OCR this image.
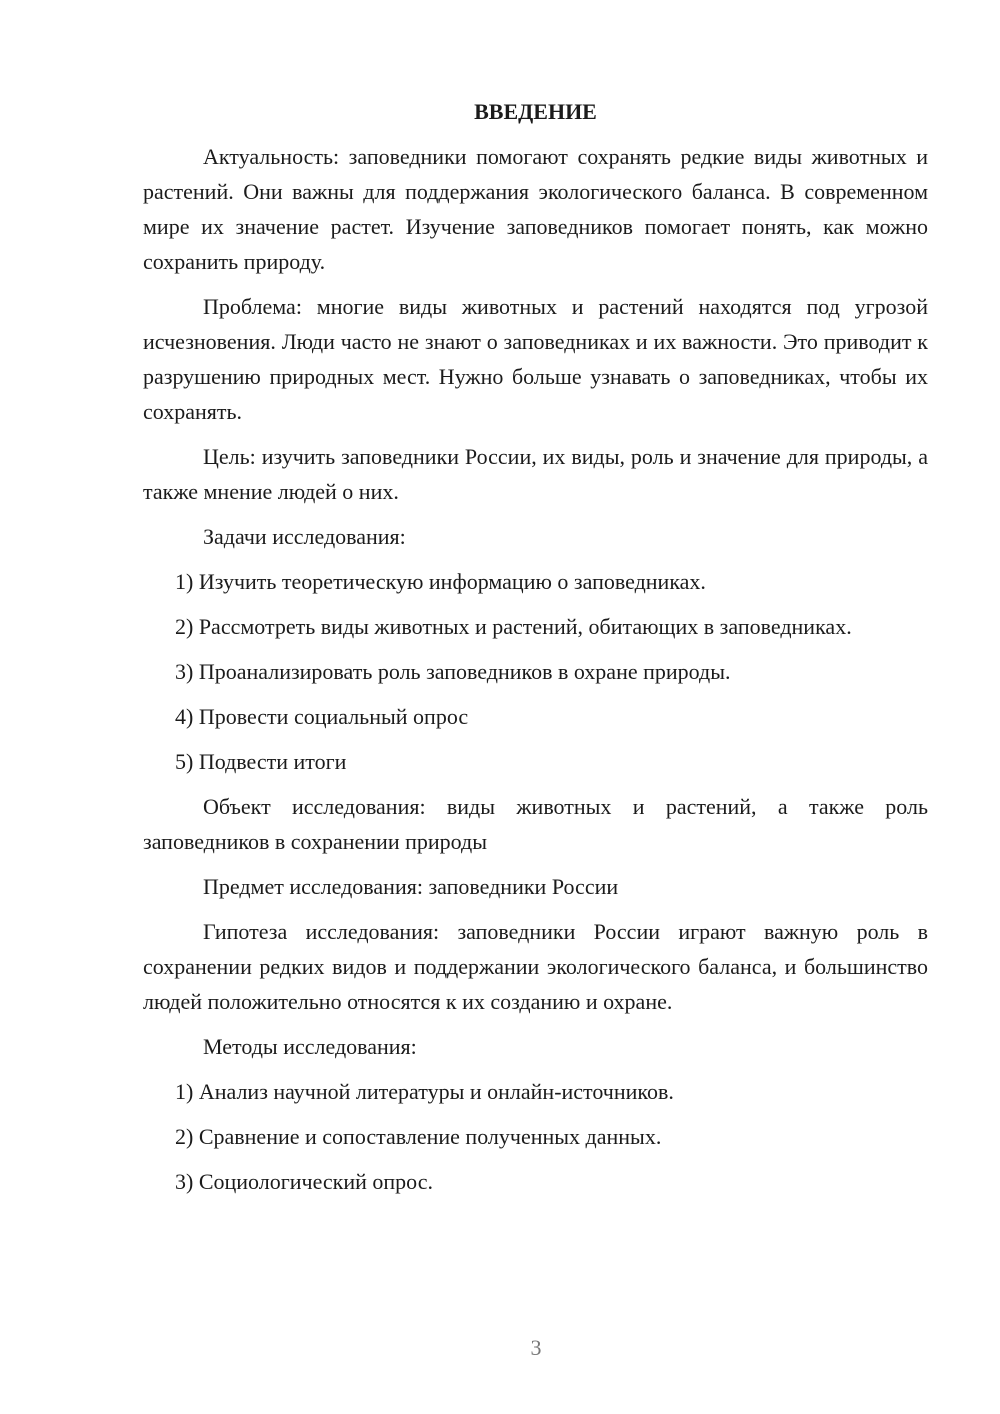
ВВЕДЕНИЕ

Актуальность: заповедники помогают сохранять редкие виды животных и растений. Они важны для поддержания экологического баланса. В современном мире их значение растет. Изучение заповедников помогает понять, как можно сохранить природу.

Проблема: многие виды животных и растений находятся под угрозой исчезновения. Люди часто не знают о заповедниках и их важности. Это приводит к разрушению природных мест. Нужно больше узнавать о заповедниках, чтобы их сохранять.

Цель: изучить заповедники России, их виды, роль и значение для природы, а также мнение людей о них.

Задачи исследования:

1) Изучить теоретическую информацию о заповедниках.

2) Рассмотреть виды животных и растений, обитающих в заповедниках.

3) Проанализировать роль заповедников в охране природы.

4) Провести социальный опрос

5) Подвести итоги

Объект исследования: виды животных и растений, а также роль заповедников в сохранении природы

Предмет исследования: заповедники России

Гипотеза исследования: заповедники России играют важную роль в сохранении редких видов и поддержании экологического баланса, и большинство людей положительно относятся к их созданию и охране.

Методы исследования:

1) Анализ научной литературы и онлайн-источников.

2) Сравнение и сопоставление полученных данных.

3) Социологический опрос.

3
